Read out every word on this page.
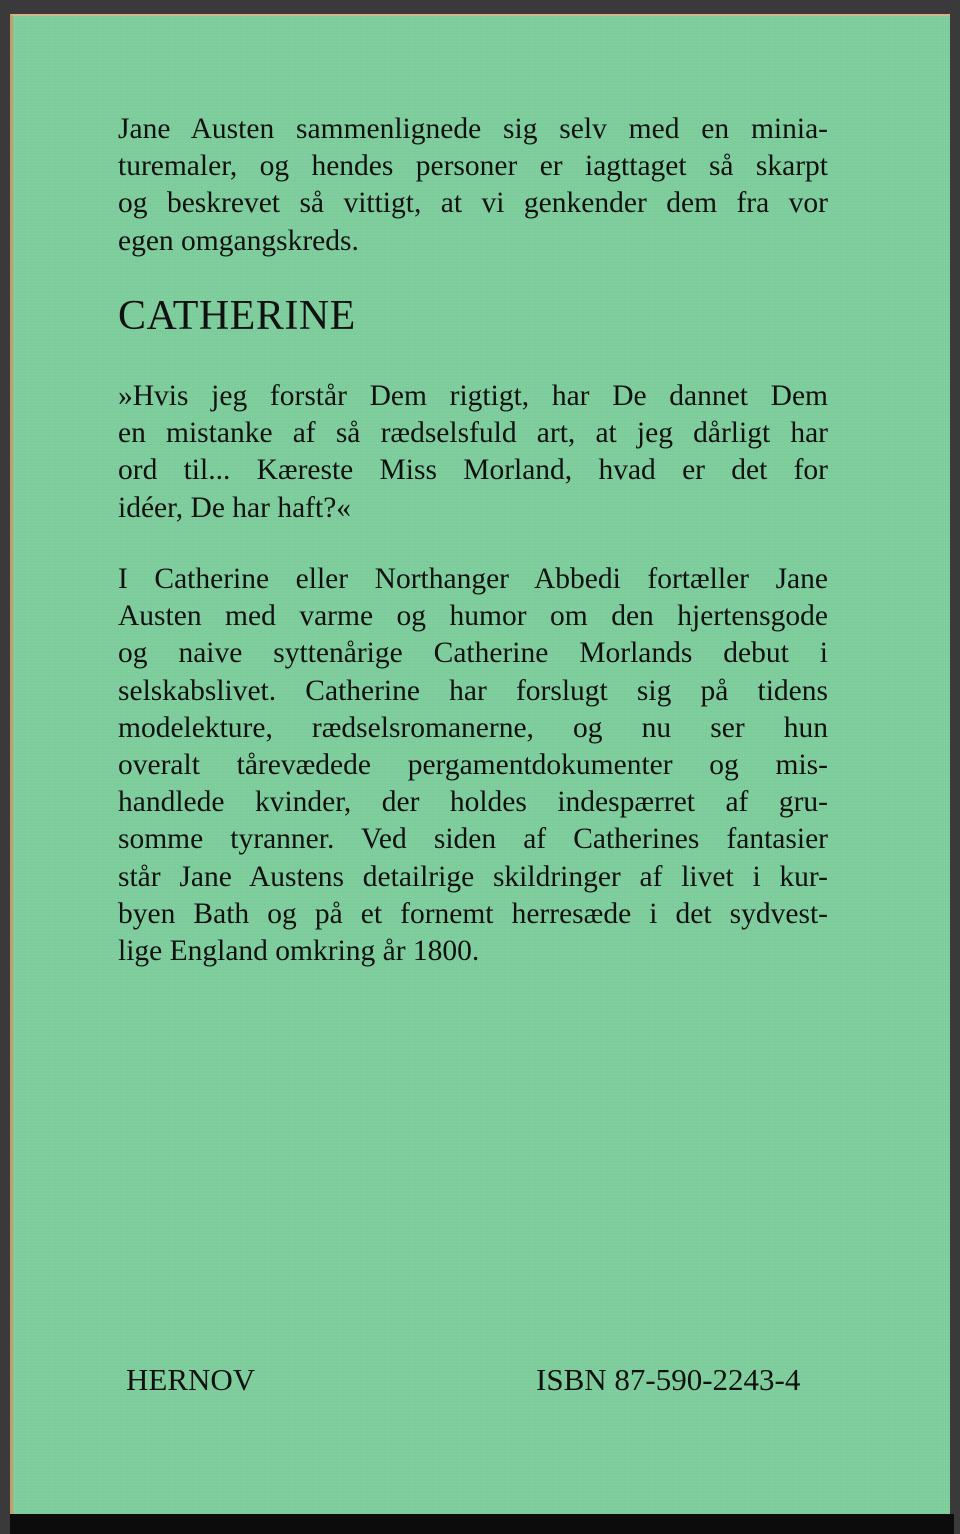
Jane Austen sammenlignede sig selv med en minia-
turemaler, og hendes personer er iagttaget så skarpt
og beskrevet så vittigt, at vi genkender dem fra vor
egen omgangskreds.
CATHERINE
»Hvis jeg forstår Dem rigtigt, har De dannet Dem
en mistanke af så rædselsfuld art, at jeg dårligt har
ord til... Kæreste Miss Morland, hvad er det for
idéer, De har haft?«
I Catherine eller Northanger Abbedi fortæller Jane
Austen med varme og humor om den hjertensgode
og naive syttenårige Catherine Morlands debut i
selskabslivet. Catherine har forslugt sig på tidens
modelekture, rædselsromanerne, og nu ser hun
overalt tårevædede pergamentdokumenter og mis-
handlede kvinder, der holdes indespærret af gru-
somme tyranner. Ved siden af Catherines fantasier
står Jane Austens detailrige skildringer af livet i kur-
byen Bath og på et fornemt herresæde i det sydvest-
lige England omkring år 1800.
HERNOV	ISBN 87-590-2243-4
